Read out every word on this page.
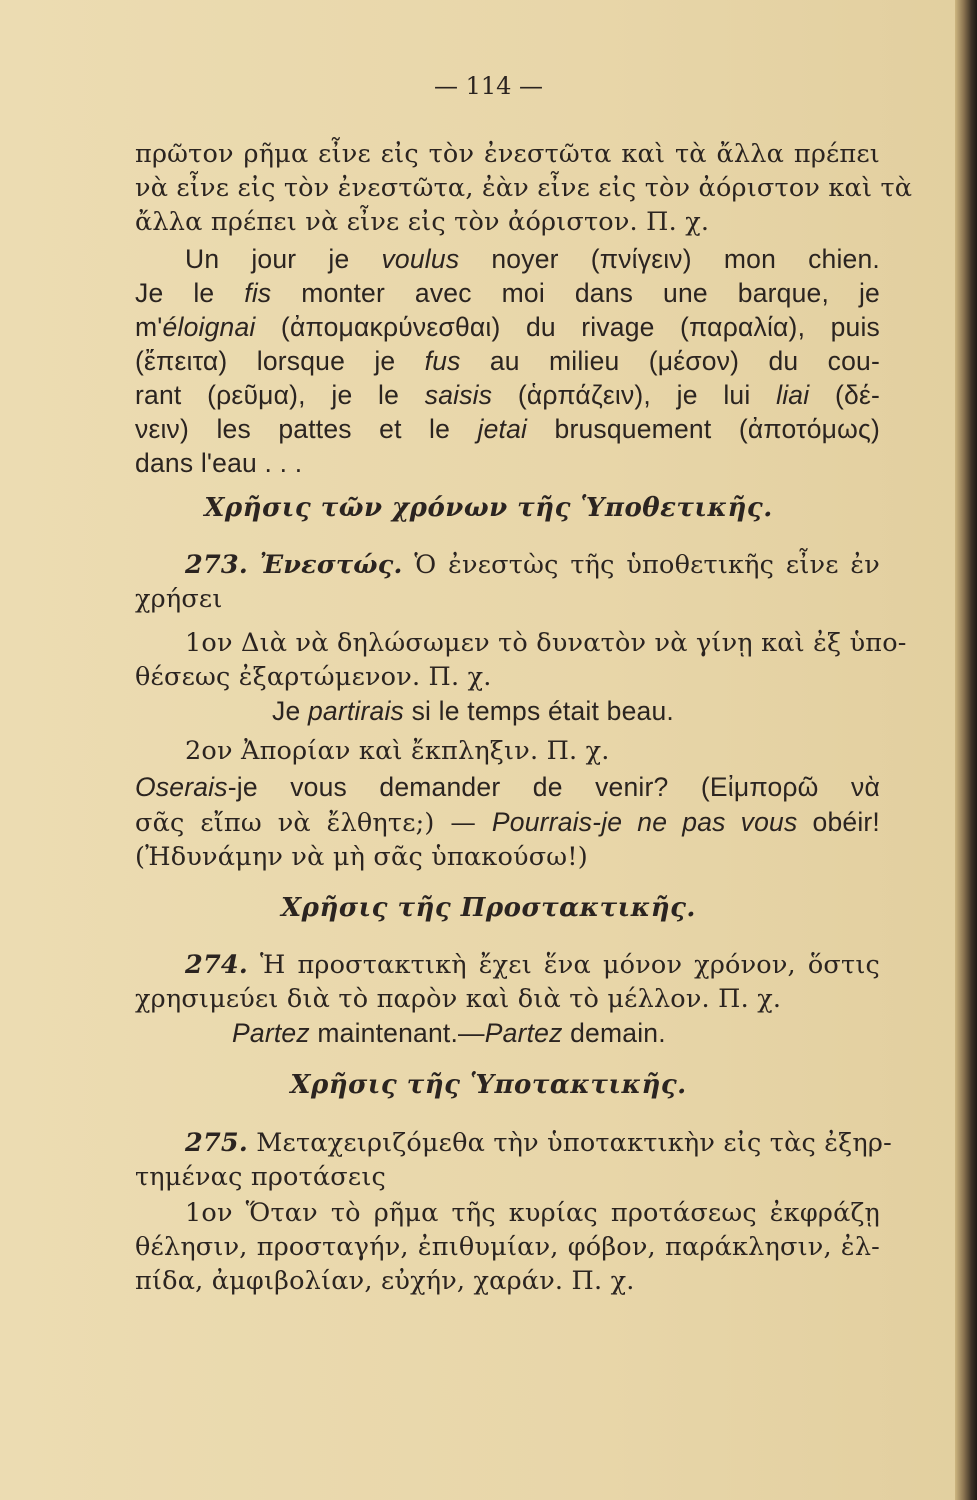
— 114 —
πρῶτον ρῆμα εἶνε εἰς τὸν ἐνεστῶτα καὶ τὰ ἄλλα πρέπει
νὰ εἶνε εἰς τὸν ἐνεστῶτα, ἐὰν εἶνε εἰς τὸν ἀόριστον καὶ τὰ
ἄλλα πρέπει νὰ εἶνε εἰς τὸν ἀόριστον. Π. χ.
Un jour je voulus noyer (πνίγειν) mon chien.
Je le fis monter avec moi dans une barque, je
m'éloignai (ἀπομακρύνεσθαι) du rivage (παραλία), puis
(ἔπειτα) lorsque je fus au milieu (μέσον) du cou-
rant (ρεῦμα), je le saisis (ἁρπάζειν), je lui liai (δέ-
νειν) les pattes et le jetai brusquement (ἀποτόμως)
dans l'eau . . .
Χρῆσις τῶν χρόνων τῆς Ὑποθετικῆς.
273. Ἐνεστώς. Ὁ ἐνεστὼς τῆς ὑποθετικῆς εἶνε ἐν
χρήσει
1ον Διὰ νὰ δηλώσωμεν τὸ δυνατὸν νὰ γίνῃ καὶ ἐξ ὑπο-
θέσεως ἐξαρτώμενον. Π. χ.
Je partirais si le temps était beau.
2ον Ἀπορίαν καὶ ἔκπληξιν. Π. χ.
Oserais-je vous demander de venir? (Εἰμπορῶ νὰ
σᾶς εἴπω νὰ ἔλθητε;) — Pourrais-je ne pas vous obéir!
(Ἠδυνάμην νὰ μὴ σᾶς ὑπακούσω!)
Χρῆσις τῆς Προστακτικῆς.
274. Ἡ προστακτικὴ ἔχει ἕνα μόνον χρόνον, ὅστις
χρησιμεύει διὰ τὸ παρὸν καὶ διὰ τὸ μέλλον. Π. χ.
Partez maintenant.—Partez demain.
Χρῆσις τῆς Ὑποτακτικῆς.
275. Μεταχειριζόμεθα τὴν ὑποτακτικὴν εἰς τὰς ἐξηρ-
τημένας προτάσεις
1ον Ὅταν τὸ ρῆμα τῆς κυρίας προτάσεως ἐκφράζῃ
θέλησιν, προσταγήν, ἐπιθυμίαν, φόβον, παράκλησιν, ἐλ-
πίδα, ἀμφιβολίαν, εὐχήν, χαράν. Π. χ.
